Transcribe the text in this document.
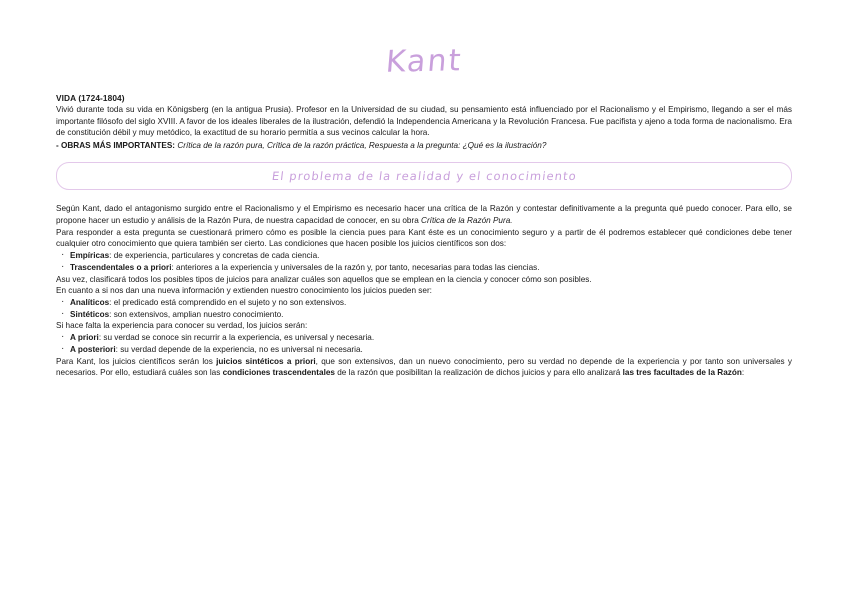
Kant
VIDA (1724-1804)

Vivió durante toda su vida en Königsberg (en la antigua Prusia). Profesor en la Universidad de su ciudad, su pensamiento está influenciado por el Racionalismo y el Empirismo, llegando a ser el más importante filósofo del siglo XVIII. A favor de los ideales liberales de la ilustración, defendió la Independencia Americana y la Revolución Francesa. Fue pacifista y ajeno a toda forma de nacionalismo. Era de constitución débil y muy metódico, la exactitud de su horario permitía a sus vecinos calcular la hora.

- OBRAS MÁS IMPORTANTES: Crítica de la razón pura, Crítica de la razón práctica, Respuesta a la pregunta: ¿Qué es la ilustración?
El problema de la realidad y el conocimiento

Según Kant, dado el antagonismo surgido entre el Racionalismo y el Empirismo es necesario hacer una crítica de la Razón y contestar definitivamente a la pregunta qué puedo conocer. Para ello, se propone hacer un estudio y análisis de la Razón Pura, de nuestra capacidad de conocer, en su obra Crítica de la Razón Pura.

Para responder a esta pregunta se cuestionará primero cómo es posible la ciencia pues para Kant éste es un conocimiento seguro y a partir de él podremos establecer qué condiciones debe tener cualquier otro conocimiento que quiera también ser cierto. Las condiciones que hacen posible los juicios científicos son dos:

· Empíricas: de experiencia, particulares y concretas de cada ciencia.
· Trascendentales o a priori: anteriores a la experiencia y universales de la razón y, por tanto, necesarias para todas las ciencias.

Asu vez, clasificará todos los posibles tipos de juicios para analizar cuáles son aquellos que se emplean en la ciencia y conocer cómo son posibles.

En cuanto a si nos dan una nueva información y extienden nuestro conocimiento los juicios pueden ser:

· Analíticos: el predicado está comprendido en el sujeto y no son extensivos.
· Sintéticos: son extensivos, amplian nuestro conocimiento.

Si hace falta la experiencia para conocer su verdad, los juicios serán:

· A priori: su verdad se conoce sin recurrir a la experiencia, es universal y necesaria.
· A posteriori: su verdad depende de la experiencia, no es universal ni necesaria.

Para Kant, los juicios científicos serán los juicios sintéticos a priori, que son extensivos, dan un nuevo conocimiento, pero su verdad no depende de la experiencia y por tanto son universales y necesarios. Por ello, estudiará cuáles son las condiciones trascendentales de la razón que posibilitan la realización de dichos juicios y para ello analizará las tres facultades de la Razón:
